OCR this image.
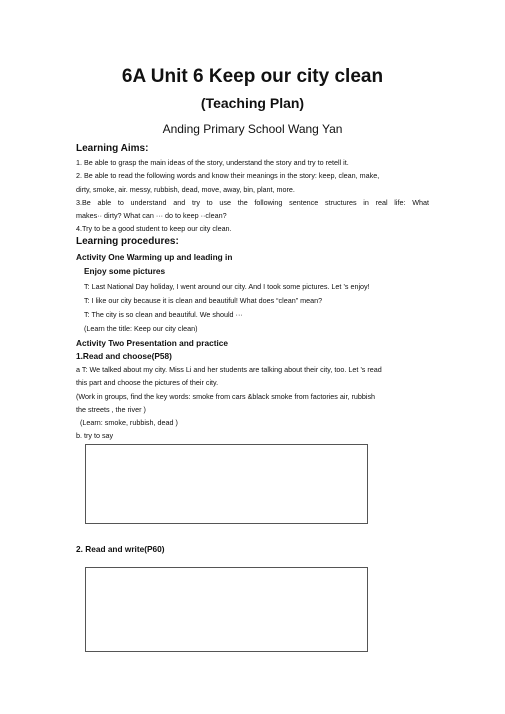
6A Unit 6 Keep our city clean
(Teaching Plan)
Anding Primary School Wang Yan
Learning Aims:
1. Be able to grasp the main ideas of the story, understand the story and try to retell it.
2. Be able to read the following words and know their meanings in the story: keep, clean, make,
dirty, smoke, air. messy, rubbish, dead, move, away, bin, plant, more.
3.Be able to understand and try to use the following sentence structures in real life: What
makes·· dirty? What can ··· do to keep ··clean?
4.Try to be a good student to keep our city clean.
Learning procedures:
Activity One Warming up and leading in
Enjoy some pictures
T: Last National Day holiday, I went around our city. And I took some pictures. Let ’s enjoy!
T: I like our city because it is clean and beautiful! What does “clean” mean?
T: The city is so clean and beautiful. We should ···
(Learn the title: Keep our city clean)
Activity Two Presentation and practice
1.Read and choose(P58)
a T: We talked about my city. Miss Li and her students are talking about their city, too. Let ’s read
this part and choose the pictures of their city.
(Work in groups, find the key words: smoke from cars &black smoke from factories air, rubbish
the streets , the river )
(Learn: smoke, rubbish, dead )
b. try to say
2. Read and write(P60)
